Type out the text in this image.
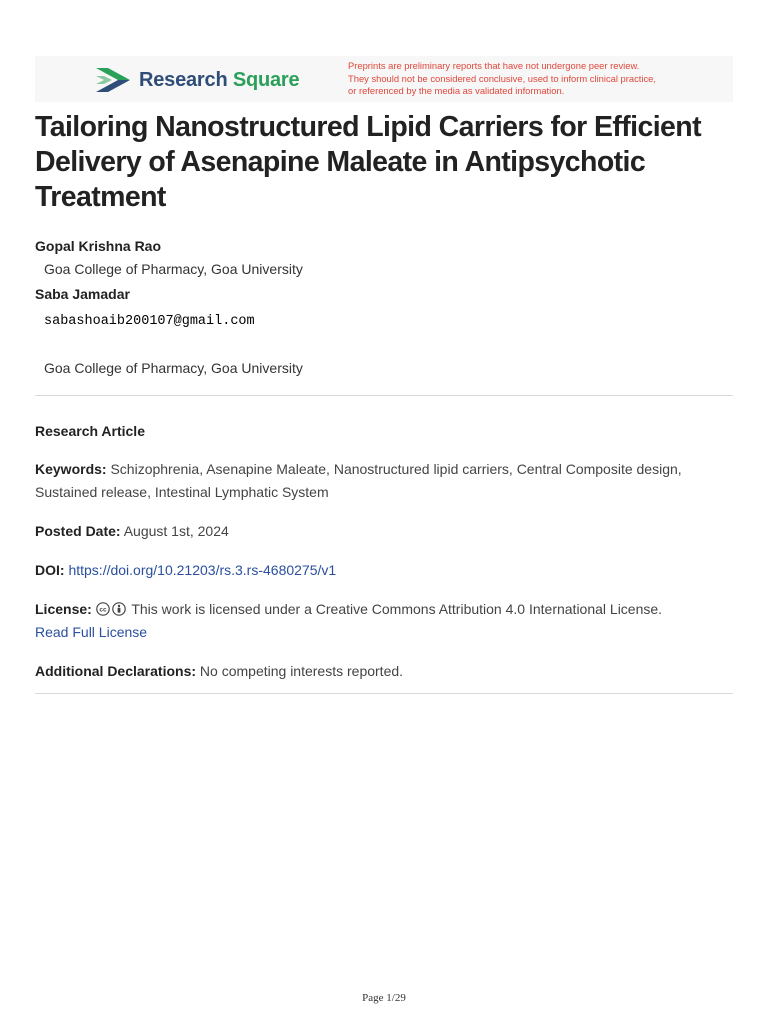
Research Square
Preprints are preliminary reports that have not undergone peer review.
They should not be considered conclusive, used to inform clinical practice,
or referenced by the media as validated information.
Tailoring Nanostructured Lipid Carriers for Efficient Delivery of Asenapine Maleate in Antipsychotic Treatment
Gopal Krishna Rao
Goa College of Pharmacy, Goa University
Saba Jamadar
sabashoaib200107@gmail.com
Goa College of Pharmacy, Goa University
Research Article
Keywords: Schizophrenia, Asenapine Maleate, Nanostructured lipid carriers, Central Composite design, Sustained release, Intestinal Lymphatic System
Posted Date: August 1st, 2024
DOI: https://doi.org/10.21203/rs.3.rs-4680275/v1
License: cc This work is licensed under a Creative Commons Attribution 4.0 International License.
Read Full License
Additional Declarations: No competing interests reported.
Page 1/29
